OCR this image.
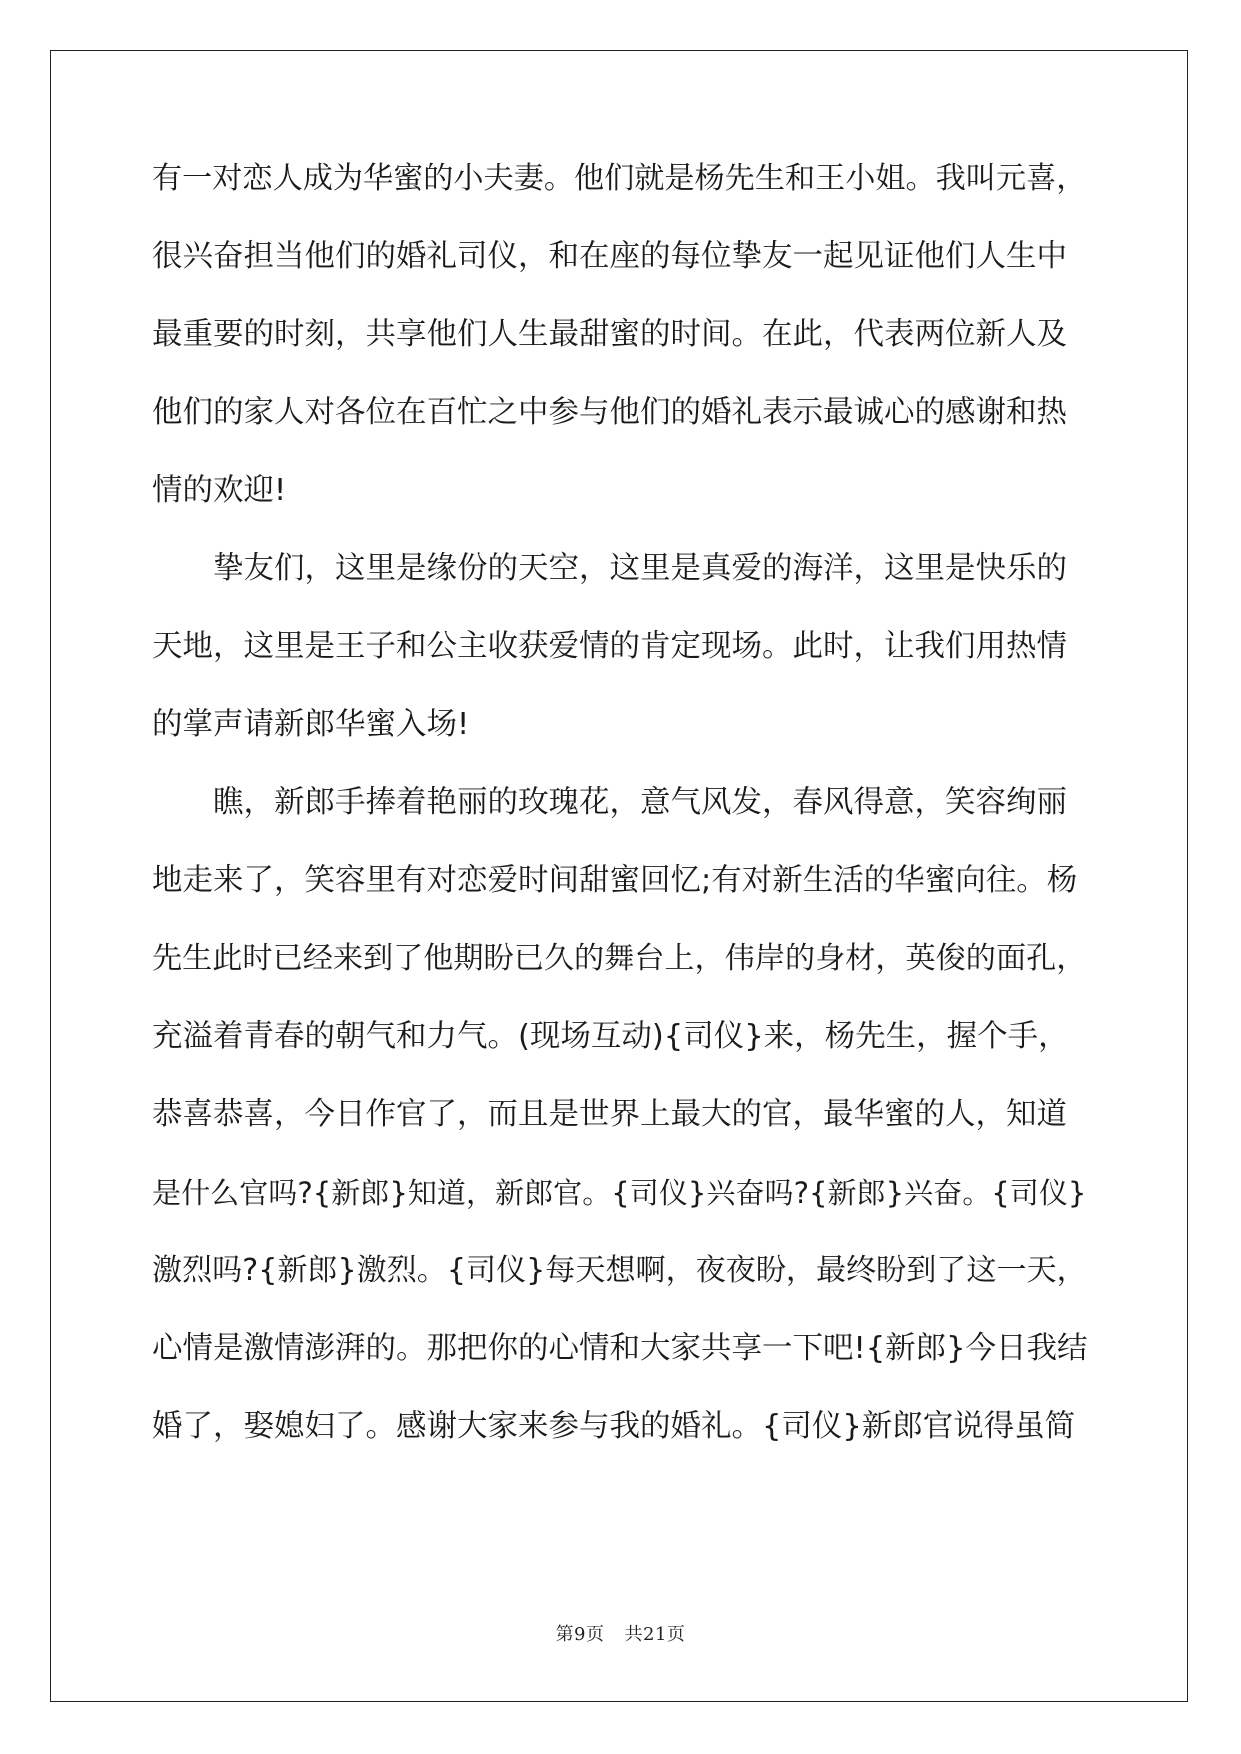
有一对恋人成为华蜜的小夫妻。他们就是杨先生和王小姐。我叫元喜，
很兴奋担当他们的婚礼司仪，和在座的每位挚友一起见证他们人生中
最重要的时刻，共享他们人生最甜蜜的时间。在此，代表两位新人及
他们的家人对各位在百忙之中参与他们的婚礼表示最诚心的感谢和热
情的欢迎!
挚友们，这里是缘份的天空，这里是真爱的海洋，这里是快乐的
天地，这里是王子和公主收获爱情的肯定现场。此时，让我们用热情
的掌声请新郎华蜜入场!
瞧，新郎手捧着艳丽的玫瑰花，意气风发，春风得意，笑容绚丽
地走来了，笑容里有对恋爱时间甜蜜回忆;有对新生活的华蜜向往。杨
先生此时已经来到了他期盼已久的舞台上，伟岸的身材，英俊的面孔，
充溢着青春的朝气和力气。(现场互动){司仪}来，杨先生，握个手，
恭喜恭喜，今日作官了，而且是世界上最大的官，最华蜜的人，知道
是什么官吗?{新郎}知道，新郎官。{司仪}兴奋吗?{新郎}兴奋。{司仪}
激烈吗?{新郎}激烈。{司仪}每天想啊，夜夜盼，最终盼到了这一天，
心情是激情澎湃的。那把你的心情和大家共享一下吧!{新郎}今日我结
婚了，娶媳妇了。感谢大家来参与我的婚礼。{司仪}新郎官说得虽简
第9页 共21页
